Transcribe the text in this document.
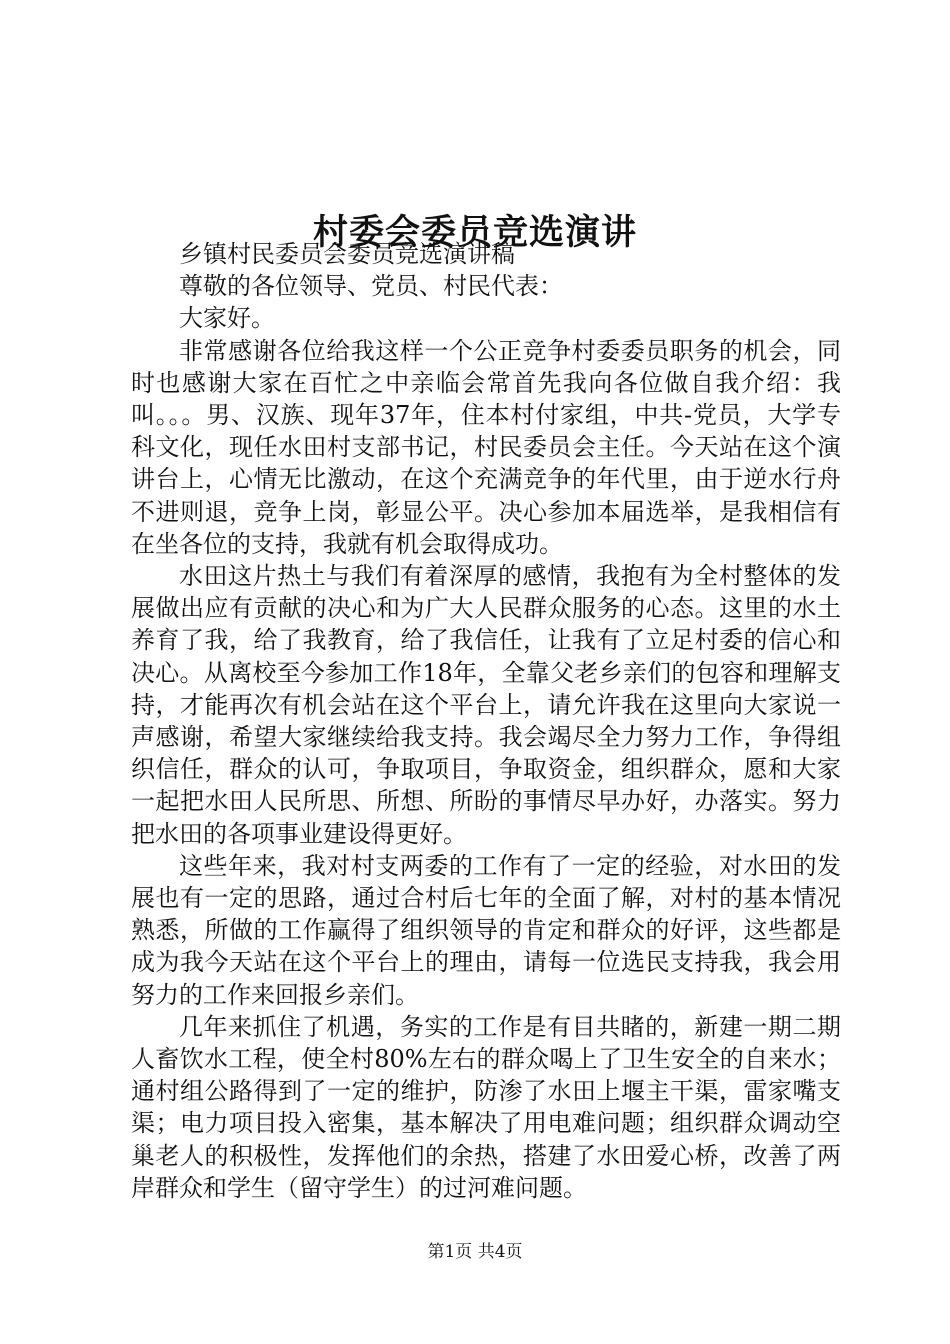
村委会委员竞选演讲

乡镇村民委员会委员竞选演讲稿

尊敬的各位领导、党员、村民代表：

大家好。

非常感谢各位给我这样一个公正竞争村委委员职务的机会，同时也感谢大家在百忙之中亲临会常首先我向各位做自我介绍：我叫。。。男、汉族、现年37年，住本村付家组，中共-党员，大学专科文化，现任水田村支部书记，村民委员会主任。今天站在这个演讲台上，心情无比激动，在这个充满竞争的年代里，由于逆水行舟不进则退，竞争上岗，彰显公平。决心参加本届选举，是我相信有在坐各位的支持，我就有机会取得成功。

水田这片热土与我们有着深厚的感情，我抱有为全村整体的发展做出应有贡献的决心和为广大人民群众服务的心态。这里的水土养育了我，给了我教育，给了我信任，让我有了立足村委的信心和决心。从离校至今参加工作18年，全靠父老乡亲们的包容和理解支持，才能再次有机会站在这个平台上，请允许我在这里向大家说一声感谢，希望大家继续给我支持。我会竭尽全力努力工作，争得组织信任，群众的认可，争取项目，争取资金，组织群众，愿和大家一起把水田人民所思、所想、所盼的事情尽早办好，办落实。努力把水田的各项事业建设得更好。

这些年来，我对村支两委的工作有了一定的经验，对水田的发展也有一定的思路，通过合村后七年的全面了解，对村的基本情况熟悉，所做的工作赢得了组织领导的肯定和群众的好评，这些都是成为我今天站在这个平台上的理由，请每一位选民支持我，我会用努力的工作来回报乡亲们。

几年来抓住了机遇，务实的工作是有目共睹的，新建一期二期人畜饮水工程，使全村80%左右的群众喝上了卫生安全的自来水；通村组公路得到了一定的维护，防渗了水田上堰主干渠，雷家嘴支渠；电力项目投入密集，基本解决了用电难问题；组织群众调动空巢老人的积极性，发挥他们的余热，搭建了水田爱心桥，改善了两岸群众和学生（留守学生）的过河难问题。

第1页 共4页
